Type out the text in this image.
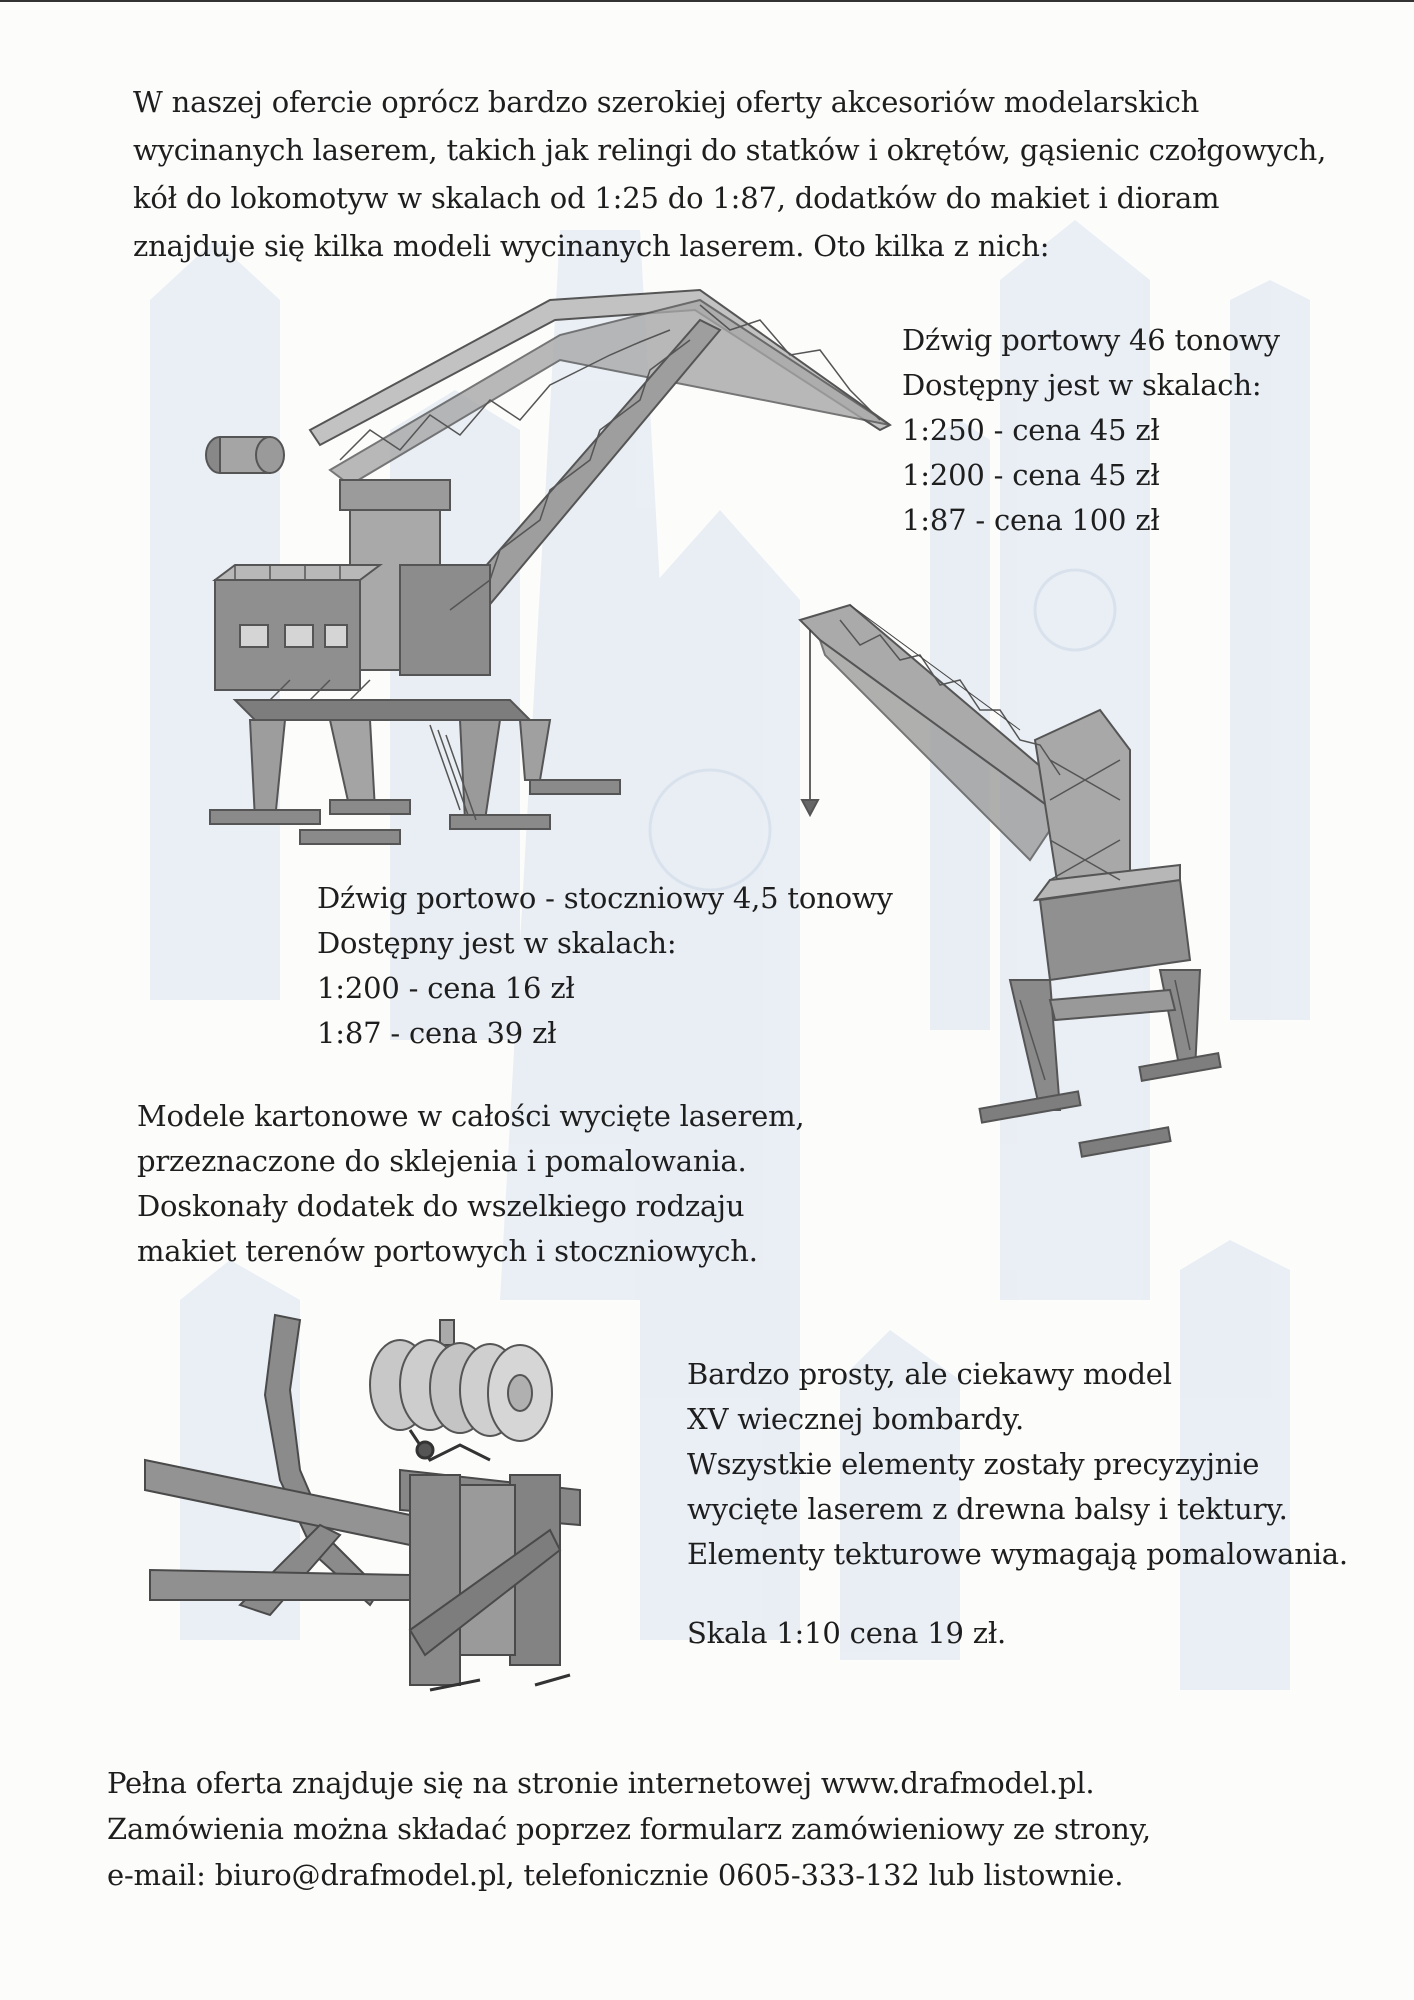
W naszej ofercie oprócz bardzo szerokiej oferty akcesoriów modelarskich
wycinanych laserem, takich jak relingi do statków i okrętów, gąsienic czołgowych,
kół do lokomotyw w skalach od 1:25 do 1:87, dodatków do makiet i dioram
znajduje się kilka modeli wycinanych laserem. Oto kilka z nich:
Dźwig portowy 46 tonowy
Dostępny jest w skalach:
1:250 - cena 45 zł
1:200 - cena 45 zł
1:87 - cena 100 zł
Dźwig portowo - stoczniowy 4,5 tonowy
Dostępny jest w skalach:
1:200 - cena 16 zł
1:87 - cena 39 zł
Modele kartonowe w całości wycięte laserem,
przeznaczone do sklejenia i pomalowania.
Doskonały dodatek do wszelkiego rodzaju
makiet terenów portowych i stoczniowych.
Bardzo prosty, ale ciekawy model
XV wiecznej bombardy.
Wszystkie elementy zostały precyzyjnie
wycięte laserem z drewna balsy i tektury.
Elementy tekturowe wymagają pomalowania.
Skala 1:10 cena 19 zł.
Pełna oferta znajduje się na stronie internetowej www.drafmodel.pl.
Zamówienia można składać poprzez formularz zamówieniowy ze strony,
e-mail: biuro@drafmodel.pl, telefonicznie 0605-333-132 lub listownie.
